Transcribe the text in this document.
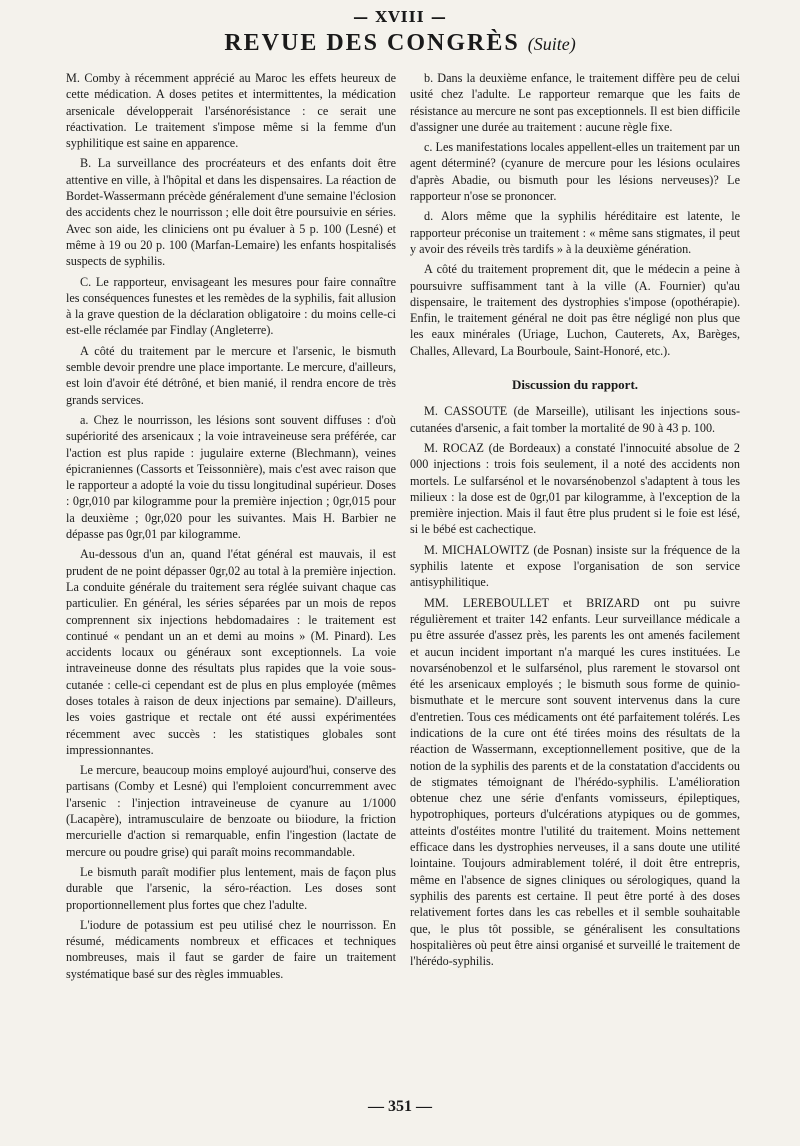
— XVIII —
REVUE DES CONGRÈS (Suite)

M. Comby à récemment apprécié au Maroc les effets heureux de cette médication. A doses petites et intermittentes, la médication arsenicale développerait l'arsénorésistance : ce serait une réactivation. Le traitement s'impose même si la femme d'un syphilitique est saine en apparence.

B. La surveillance des procréateurs et des enfants doit être attentive en ville, à l'hôpital et dans les dispensaires. La réaction de Bordet-Wassermann précède généralement d'une semaine l'éclosion des accidents chez le nourrisson ; elle doit être poursuivie en séries. Avec son aide, les cliniciens ont pu évaluer à 5 p. 100 (Lesné) et même à 19 ou 20 p. 100 (Marfan-Lemaire) les enfants hospitalisés suspects de syphilis.

C. Le rapporteur, envisageant les mesures pour faire connaître les conséquences funestes et les remèdes de la syphilis, fait allusion à la grave question de la déclaration obligatoire : du moins celle-ci est-elle réclamée par Findlay (Angleterre).

A côté du traitement par le mercure et l'arsenic, le bismuth semble devoir prendre une place importante. Le mercure, d'ailleurs, est loin d'avoir été détrôné, et bien manié, il rendra encore de très grands services.

a. Chez le nourrisson, les lésions sont souvent diffuses : d'où supériorité des arsenicaux ; la voie intraveineuse sera préférée, car l'action est plus rapide : jugulaire externe (Blechmann), veines épicraniennes (Cassorts et Teissonnière), mais c'est avec raison que le rapporteur a adopté la voie du tissu longitudinal supérieur. Doses : 0gr,010 par kilogramme pour la première injection ; 0gr,015 pour la deuxième ; 0gr,020 pour les suivantes. Mais H. Barbier ne dépasse pas 0gr,01 par kilogramme.

Au-dessous d'un an, quand l'état général est mauvais, il est prudent de ne point dépasser 0gr,02 au total à la première injection. La conduite générale du traitement sera réglée suivant chaque cas particulier. En général, les séries séparées par un mois de repos comprennent six injections hebdomadaires : le traitement est continué « pendant un an et demi au moins » (M. Pinard). Les accidents locaux ou généraux sont exceptionnels. La voie intraveineuse donne des résultats plus rapides que la voie sous-cutanée : celle-ci cependant est de plus en plus employée (mêmes doses totales à raison de deux injections par semaine). D'ailleurs, les voies gastrique et rectale ont été aussi expérimentées récemment avec succès : les statistiques globales sont impressionnantes.

Le mercure, beaucoup moins employé aujourd'hui, conserve des partisans (Comby et Lesné) qui l'emploient concurremment avec l'arsenic : l'injection intraveineuse de cyanure au 1/1000 (Lacapère), intramusculaire de benzoate ou biiodure, la friction mercurielle d'action si remarquable, enfin l'ingestion (lactate de mercure ou poudre grise) qui paraît moins recommandable.

Le bismuth paraît modifier plus lentement, mais de façon plus durable que l'arsenic, la séro-réaction. Les doses sont proportionnellement plus fortes que chez l'adulte.

L'iodure de potassium est peu utilisé chez le nourrisson. En résumé, médicaments nombreux et efficaces et techniques nombreuses, mais il faut se garder de faire un traitement systématique basé sur des règles immuables.

b. Dans la deuxième enfance, le traitement diffère peu de celui usité chez l'adulte. Le rapporteur remarque que les faits de résistance au mercure ne sont pas exceptionnels. Il est bien difficile d'assigner une durée au traitement : aucune règle fixe.

c. Les manifestations locales appellent-elles un traitement par un agent déterminé? (cyanure de mercure pour les lésions oculaires d'après Abadie, ou bismuth pour les lésions nerveuses)? Le rapporteur n'ose se prononcer.

d. Alors même que la syphilis héréditaire est latente, le rapporteur préconise un traitement : « même sans stigmates, il peut y avoir des réveils très tardifs » à la deuxième génération.

A côté du traitement proprement dit, que le médecin a peine à poursuivre suffisamment tant à la ville (A. Fournier) qu'au dispensaire, le traitement des dystrophies s'impose (opothérapie). Enfin, le traitement général ne doit pas être négligé non plus que les eaux minérales (Uriage, Luchon, Cauterets, Ax, Barèges, Challes, Allevard, La Bourboule, Saint-Honoré, etc.).

Discussion du rapport.

M. CASSOUTE (de Marseille), utilisant les injections sous-cutanées d'arsenic, a fait tomber la mortalité de 90 à 43 p. 100.

M. ROCAZ (de Bordeaux) a constaté l'innocuité absolue de 2 000 injections : trois fois seulement, il a noté des accidents non mortels. Le sulfarsénol et le novarsénobenzol s'adaptent à tous les milieux : la dose est de 0gr,01 par kilogramme, à l'exception de la première injection. Mais il faut être plus prudent si le foie est lésé, si le bébé est cachectique.

M. MICHALOWITZ (de Posnan) insiste sur la fréquence de la syphilis latente et expose l'organisation de son service antisyphilitique.

MM. LEREBOULLET et BRIZARD ont pu suivre régulièrement et traiter 142 enfants. Leur surveillance médicale a pu être assurée d'assez près, les parents les ont amenés facilement et aucun incident important n'a marqué les cures instituées. Le novarsénobenzol et le sulfarsénol, plus rarement le stovarsol ont été les arsenicaux employés ; le bismuth sous forme de quinio-bismuthate et le mercure sont souvent intervenus dans la cure d'entretien. Tous ces médicaments ont été parfaitement tolérés. Les indications de la cure ont été tirées moins des résultats de la réaction de Wassermann, exceptionnellement positive, que de la notion de la syphilis des parents et de la constatation d'accidents ou de stigmates témoignant de l'hérédo-syphilis. L'amélioration obtenue chez une série d'enfants vomisseurs, épileptiques, hypotrophiques, porteurs d'ulcérations atypiques ou de gommes, atteints d'ostéites montre l'utilité du traitement. Moins nettement efficace dans les dystrophies nerveuses, il a sans doute une utilité lointaine. Toujours admirablement toléré, il doit être entrepris, même en l'absence de signes cliniques ou sérologiques, quand la syphilis des parents est certaine. Il peut être porté à des doses relativement fortes dans les cas rebelles et il semble souhaitable que, le plus tôt possible, se généralisent les consultations hospitalières où peut être ainsi organisé et surveillé le traitement de l'hérédo-syphilis.

— 351 —
